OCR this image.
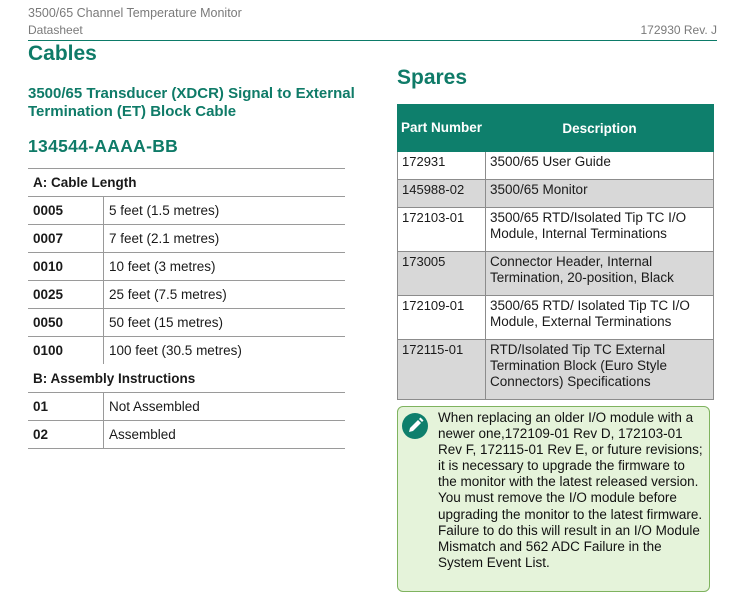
3500/65 Channel Temperature Monitor
Datasheet	172930 Rev. J
Cables
3500/65 Transducer (XDCR) Signal to External Termination (ET) Block Cable
134544-AAAA-BB
A: Cable Length	
0005	5 feet (1.5 metres)
0007	7 feet (2.1 metres)
0010	10 feet (3 metres)
0025	25 feet (7.5 metres)
0050	50 feet (15 metres)
0100	100 feet (30.5 metres)
B: Assembly Instructions	
01	Not Assembled
02	Assembled
Spares
Part Number	Description
172931	3500/65 User Guide
145988-02	3500/65 Monitor
172103-01	3500/65 RTD/Isolated Tip TC I/O Module, Internal Terminations
173005	Connector Header, Internal Termination, 20-position, Black
172109-01	3500/65 RTD/ Isolated Tip TC I/O Module, External Terminations
172115-01	RTD/Isolated Tip TC External Termination Block (Euro Style Connectors) Specifications
When replacing an older I/O module with a newer one,172109-01 Rev D, 172103-01 Rev F, 172115-01 Rev E, or future revisions; it is necessary to upgrade the firmware to the monitor with the latest released version. You must remove the I/O module before upgrading the monitor to the latest firmware. Failure to do this will result in an I/O Module Mismatch and 562 ADC Failure in the System Event List.
